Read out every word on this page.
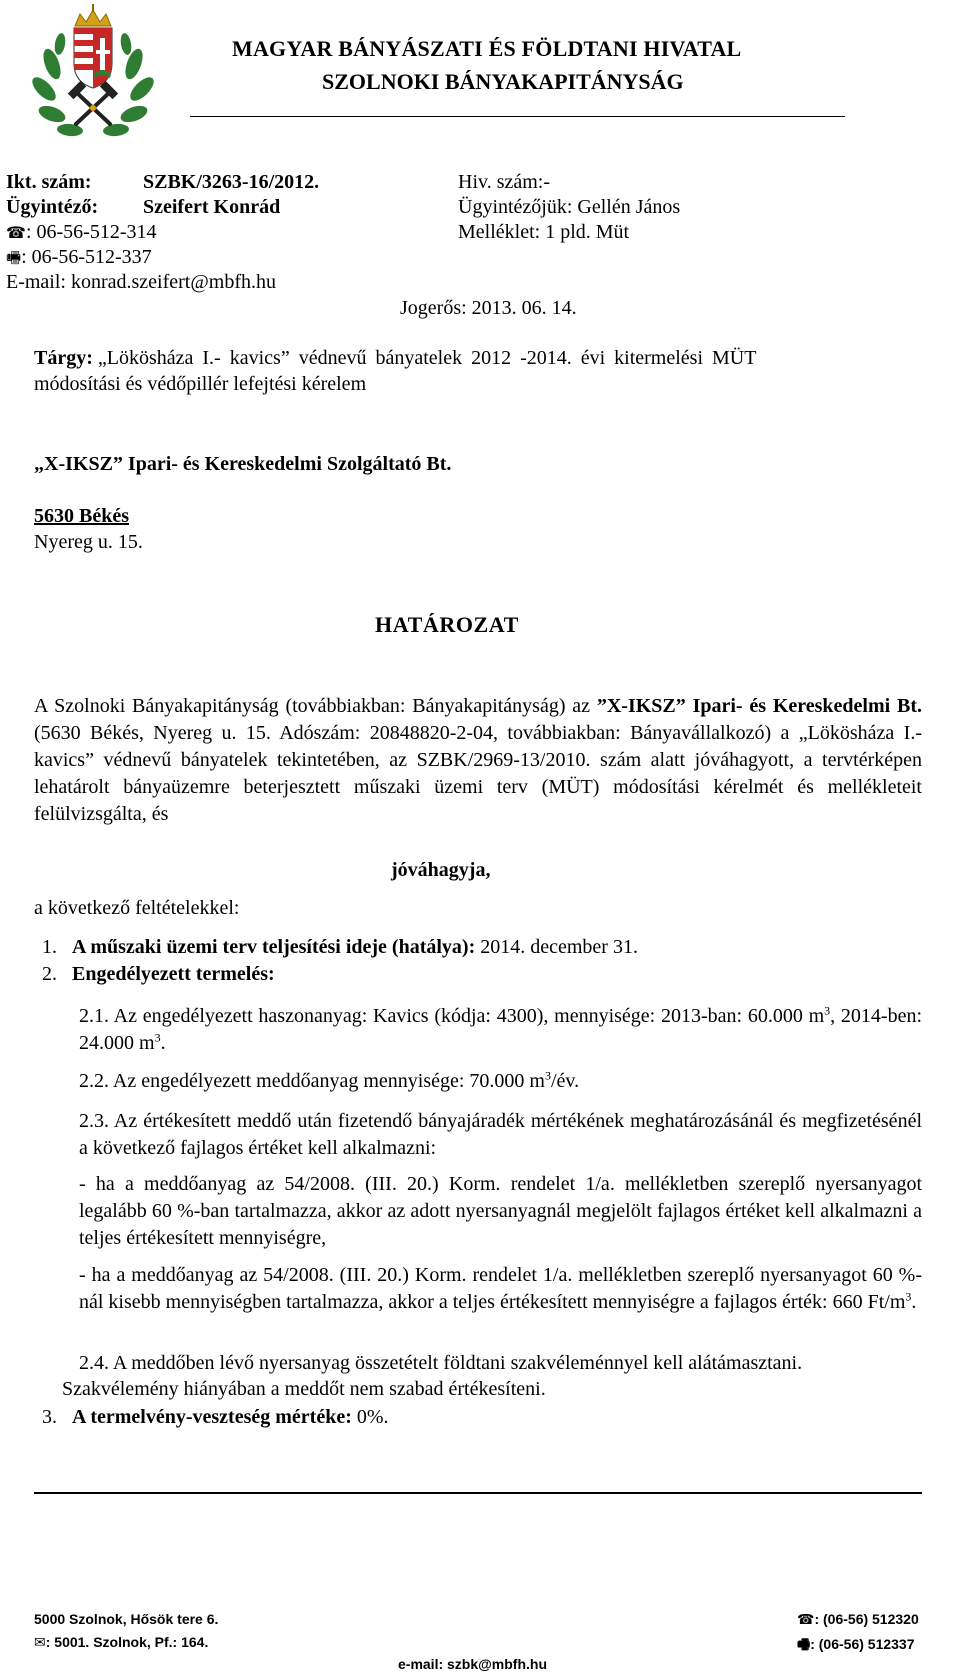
MAGYAR BÁNYÁSZATI ÉS FÖLDTANI HIVATAL
SZOLNOKI BÁNYAKAPITÁNYSÁG
Ikt. szám:	SZBK/3263-16/2012.
Ügyintéző: Szeifert Konrád
☎: 06-56-512-314
🖷: 06-56-512-337
E-mail: konrad.szeifert@mbfh.hu
Hiv. szám:-
Ügyintézőjük: Gellén János
Melléklet: 1 pld. Müt
Jogerős: 2013. 06. 14.
Tárgy: „Lökösháza I.- kavics” védnevű bányatelek 2012 -2014. évi kitermelési MÜT
módosítási és védőpillér lefejtési kérelem
„X-IKSZ” Ipari- és Kereskedelmi Szolgáltató Bt.
5630 Békés
Nyereg u. 15.
HATÁROZAT
A Szolnoki Bányakapitányság (továbbiakban: Bányakapitányság) az ”X-IKSZ” Ipari- és Kereskedelmi Bt. (5630 Békés, Nyereg u. 15. Adószám: 20848820-2-04, továbbiakban: Bányavállalkozó) a „Lökösháza I.- kavics” védnevű bányatelek tekintetében, az SZBK/2969-13/2010. szám alatt jóváhagyott, a tervtérképen lehatárolt bányaüzemre beterjesztett műszaki üzemi terv (MÜT) módosítási kérelmét és mellékleteit felülvizsgálta, és
jóváhagyja,
a következő feltételekkel:
1. A műszaki üzemi terv teljesítési ideje (hatálya): 2014. december 31.
2. Engedélyezett termelés:
2.1. Az engedélyezett haszonanyag: Kavics (kódja: 4300), mennyisége: 2013-ban: 60.000 $m^3$, 2014-ben: 24.000 $m^3$.
2.2. Az engedélyezett meddőanyag mennyisége: 70.000 $m^3/év$.
2.3. Az értékesített meddő után fizetendő bányajáradék mértékének meghatározásánál és megfizetésénél a következő fajlagos értéket kell alkalmazni:
- ha a meddőanyag az 54/2008. (III. 20.) Korm. rendelet 1/a. mellékletben szereplő nyersanyagot legalább 60 %-ban tartalmazza, akkor az adott nyersanyagnál megjelölt fajlagos értéket kell alkalmazni a teljes értékesített mennyiségre,
- ha a meddőanyag az 54/2008. (III. 20.) Korm. rendelet 1/a. mellékletben szereplő nyersanyagot 60 %-nál kisebb mennyiségben tartalmazza, akkor a teljes értékesített mennyiségre a fajlagos érték: 660 $Ft/m^3$.
2.4. A meddőben lévő nyersanyag összetételt földtani szakvéleménnyel kell alátámasztani.
Szakvélemény hiányában a meddőt nem szabad értékesíteni.
3. A termelvény-veszteség mértéke: 0%.
5000 Szolnok, Hősök tere 6.
✉: 5001. Szolnok, Pf.: 164.
☎: (06-56) 512320
🖷: (06-56) 512337
e-mail: szbk@mbfh.hu
